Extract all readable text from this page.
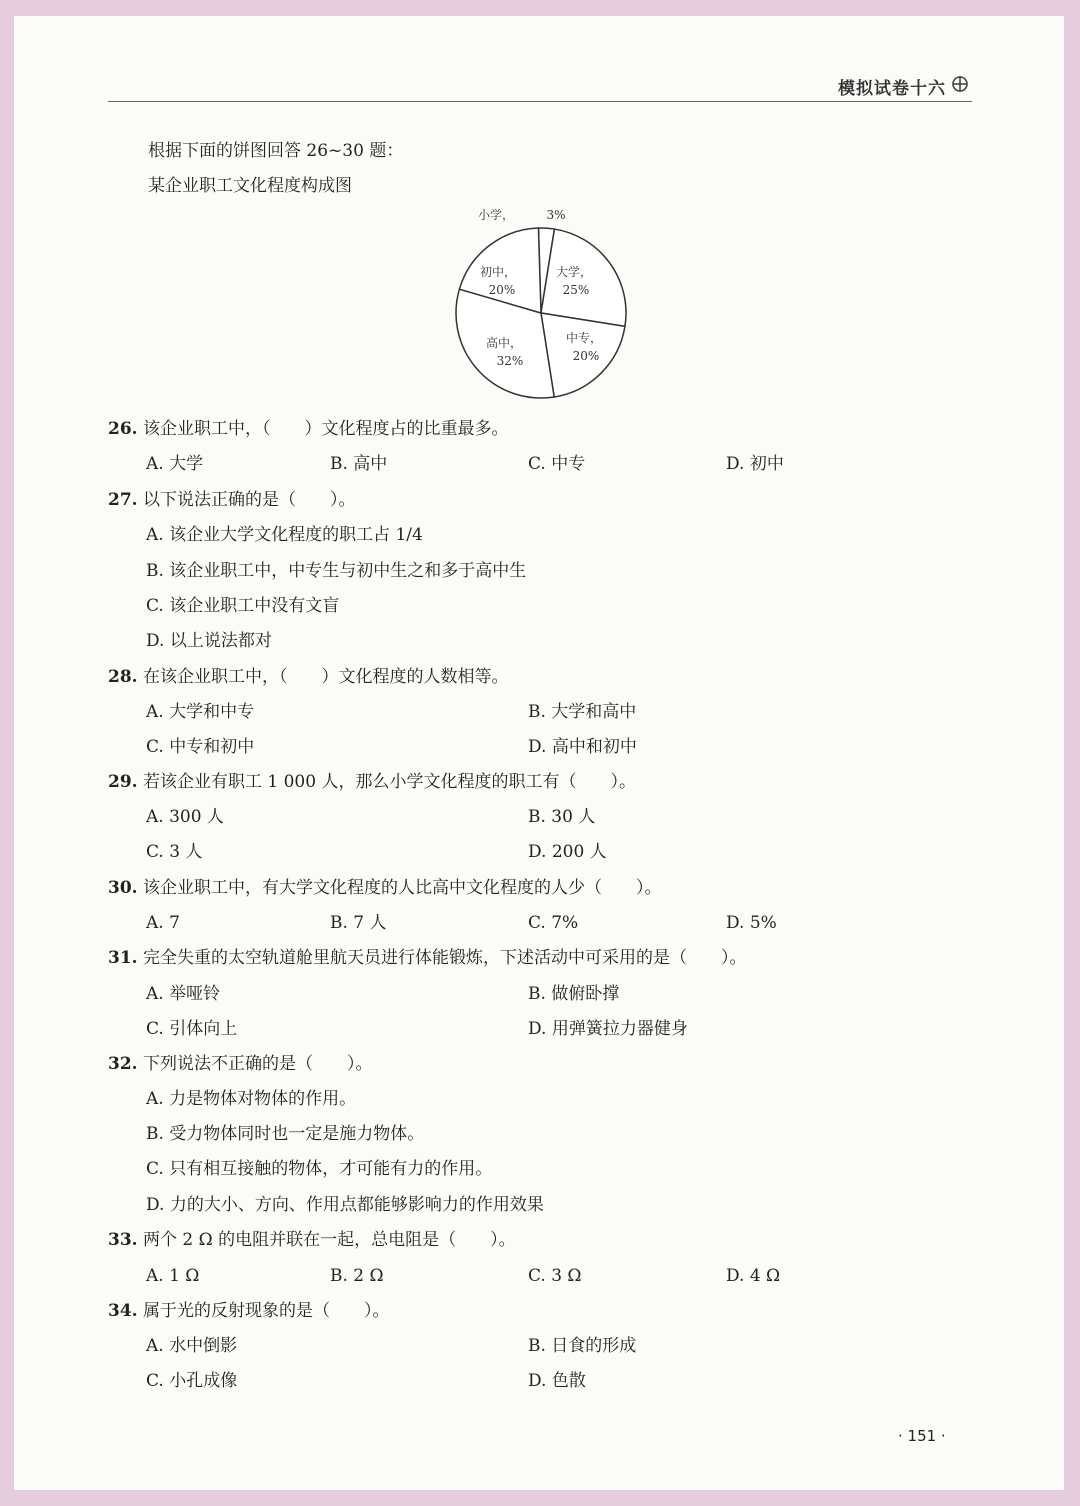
模拟试卷十六
根据下面的饼图回答 26~30 题：
某企业职工文化程度构成图
小学，	3%
大学，
25%
中专，
20%
高中，
32%
初中，
20%
26. 该企业职工中，（　　）文化程度占的比重最多。
A. 大学	B. 高中	C. 中专	D. 初中
27. 以下说法正确的是（　　）。
A. 该企业大学文化程度的职工占 1/4
B. 该企业职工中，中专生与初中生之和多于高中生
C. 该企业职工中没有文盲
D. 以上说法都对
28. 在该企业职工中，（　　）文化程度的人数相等。
A. 大学和中专	B. 大学和高中
C. 中专和初中	D. 高中和初中
29. 若该企业有职工 1 000 人，那么小学文化程度的职工有（　　）。
A. 300 人	B. 30 人
C. 3 人	D. 200 人
30. 该企业职工中，有大学文化程度的人比高中文化程度的人少（　　）。
A. 7	B. 7 人	C. 7%	D. 5%
31. 完全失重的太空轨道舱里航天员进行体能锻炼，下述活动中可采用的是（　　）。
A. 举哑铃	B. 做俯卧撑
C. 引体向上	D. 用弹簧拉力器健身
32. 下列说法不正确的是（　　）。
A. 力是物体对物体的作用。
B. 受力物体同时也一定是施力物体。
C. 只有相互接触的物体，才可能有力的作用。
D. 力的大小、方向、作用点都能够影响力的作用效果
33. 两个 2 Ω 的电阻并联在一起，总电阻是（　　）。
A. 1 Ω	B. 2 Ω	C. 3 Ω	D. 4 Ω
34. 属于光的反射现象的是（　　）。
A. 水中倒影	B. 日食的形成
C. 小孔成像	D. 色散
· 151 ·
